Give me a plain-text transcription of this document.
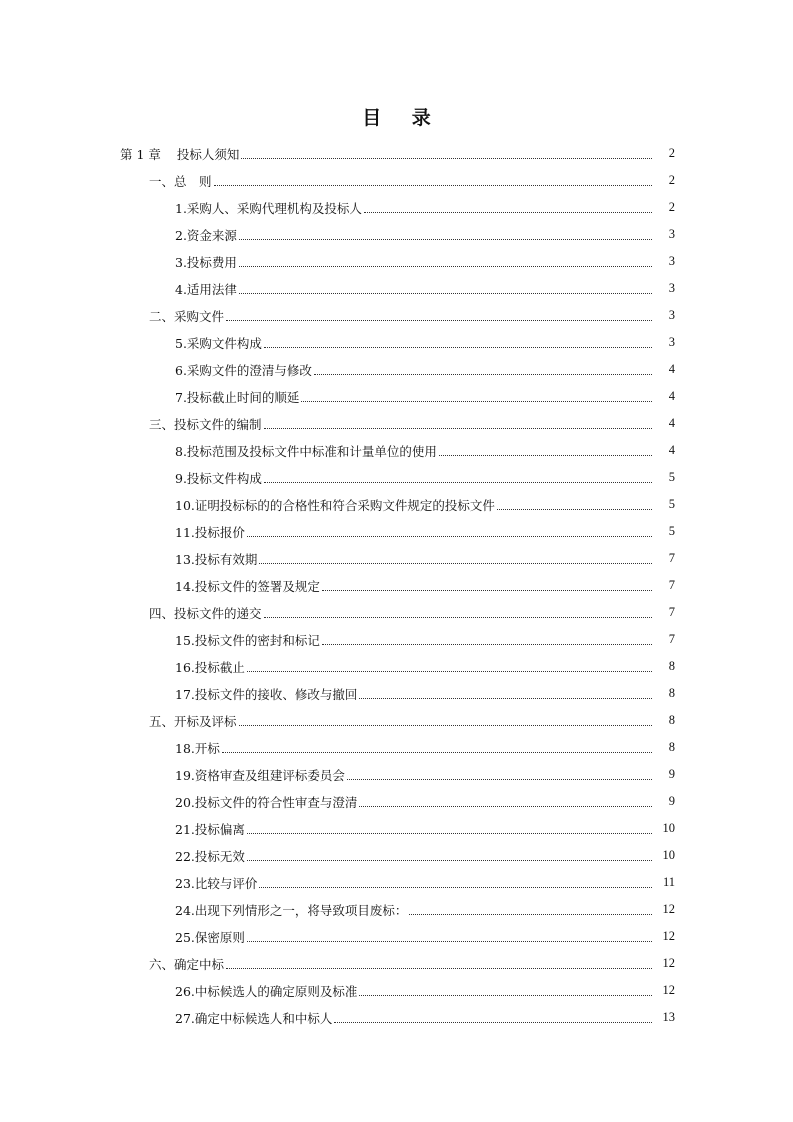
目 录
第 1 章 投标人须知	2
一、总　则	2
1.采购人、采购代理机构及投标人	2
2.资金来源	3
3.投标费用	3
4.适用法律	3
二、采购文件	3
5.采购文件构成	3
6.采购文件的澄清与修改	4
7.投标截止时间的顺延	4
三、投标文件的编制	4
8.投标范围及投标文件中标准和计量单位的使用	4
9.投标文件构成	5
10.证明投标标的的合格性和符合采购文件规定的投标文件	5
11.投标报价	5
13.投标有效期	7
14.投标文件的签署及规定	7
四、投标文件的递交	7
15.投标文件的密封和标记	7
16.投标截止	8
17.投标文件的接收、修改与撤回	8
五、开标及评标	8
18.开标	8
19.资格审查及组建评标委员会	9
20.投标文件的符合性审查与澄清	9
21.投标偏离	10
22.投标无效	10
23.比较与评价	11
24.出现下列情形之一，将导致项目废标：	12
25.保密原则	12
六、确定中标	12
26.中标候选人的确定原则及标准	12
27.确定中标候选人和中标人	13
